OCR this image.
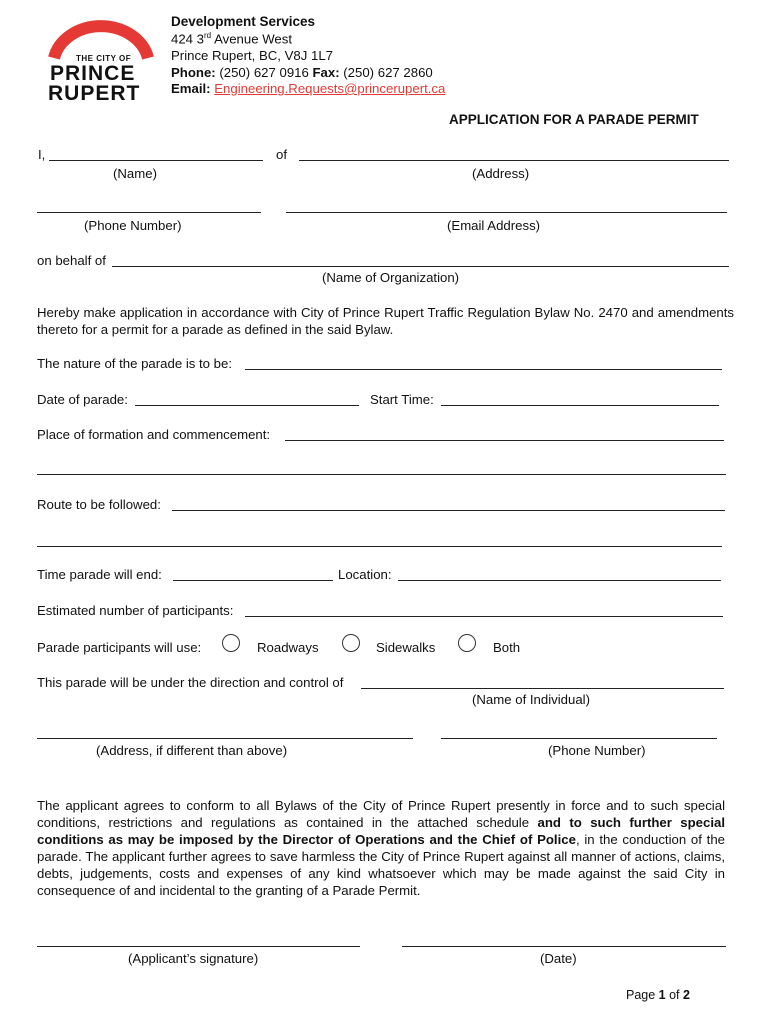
THE CITY OF
PRINCE
RUPERT
Development Services
424 3rd Avenue West
Prince Rupert, BC, V8J 1L7
Phone: (250) 627 0916 Fax: (250) 627 2860
Email: Engineering.Requests@princerupert.ca
APPLICATION FOR A PARADE PERMIT
I,	of
(Name)	(Address)
(Phone Number)	(Email Address)
on behalf of
(Name of Organization)
Hereby make application in accordance with City of Prince Rupert Traffic Regulation Bylaw No. 2470 and amendments thereto for a permit for a parade as defined in the said Bylaw.
The nature of the parade is to be:
Date of parade:	Start Time:
Place of formation and commencement:
Route to be followed:
Time parade will end:	Location:
Estimated number of participants:
Parade participants will use:	Roadways	Sidewalks	Both
This parade will be under the direction and control of
(Name of Individual)
(Address, if different than above)	(Phone Number)
The applicant agrees to conform to all Bylaws of the City of Prince Rupert presently in force and to such special conditions, restrictions and regulations as contained in the attached schedule and to such further special conditions as may be imposed by the Director of Operations and the Chief of Police, in the conduction of the parade. The applicant further agrees to save harmless the City of Prince Rupert against all manner of actions, claims, debts, judgements, costs and expenses of any kind whatsoever which may be made against the said City in consequence of and incidental to the granting of a Parade Permit.
(Applicant’s signature)	(Date)
Page 1 of 2
